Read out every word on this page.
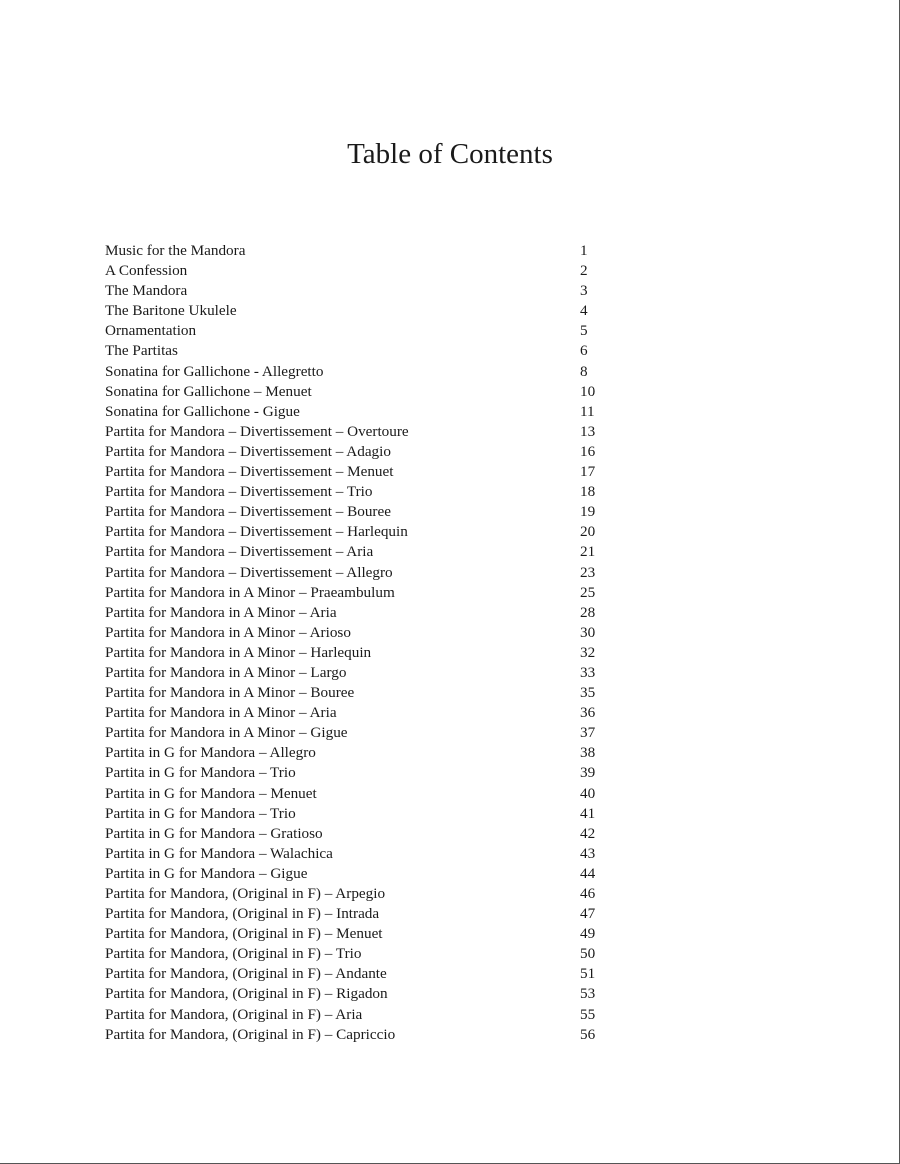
Table of Contents
Music for the Mandora	1
A Confession	2
The Mandora	3
The Baritone Ukulele	4
Ornamentation	5
The Partitas	6
Sonatina for Gallichone - Allegretto	8
Sonatina for Gallichone – Menuet	10
Sonatina for Gallichone - Gigue	11
Partita for Mandora – Divertissement – Overtoure	13
Partita for Mandora – Divertissement – Adagio	16
Partita for Mandora – Divertissement – Menuet	17
Partita for Mandora – Divertissement – Trio	18
Partita for Mandora – Divertissement – Bouree	19
Partita for Mandora – Divertissement – Harlequin	20
Partita for Mandora – Divertissement – Aria	21
Partita for Mandora – Divertissement – Allegro	23
Partita for Mandora in A Minor – Praeambulum	25
Partita for Mandora in A Minor – Aria	28
Partita for Mandora in A Minor – Arioso	30
Partita for Mandora in A Minor – Harlequin	32
Partita for Mandora in A Minor – Largo	33
Partita for Mandora in A Minor – Bouree	35
Partita for Mandora in A Minor – Aria	36
Partita for Mandora in A Minor – Gigue	37
Partita in G for Mandora – Allegro	38
Partita in G for Mandora – Trio	39
Partita in G for Mandora – Menuet	40
Partita in G for Mandora – Trio	41
Partita in G for Mandora – Gratioso	42
Partita in G for Mandora – Walachica	43
Partita in G for Mandora – Gigue	44
Partita for Mandora, (Original in F) – Arpegio	46
Partita for Mandora, (Original in F) – Intrada	47
Partita for Mandora, (Original in F) – Menuet	49
Partita for Mandora, (Original in F) – Trio	50
Partita for Mandora, (Original in F) – Andante	51
Partita for Mandora, (Original in F) – Rigadon	53
Partita for Mandora, (Original in F) – Aria	55
Partita for Mandora, (Original in F) – Capriccio	56
